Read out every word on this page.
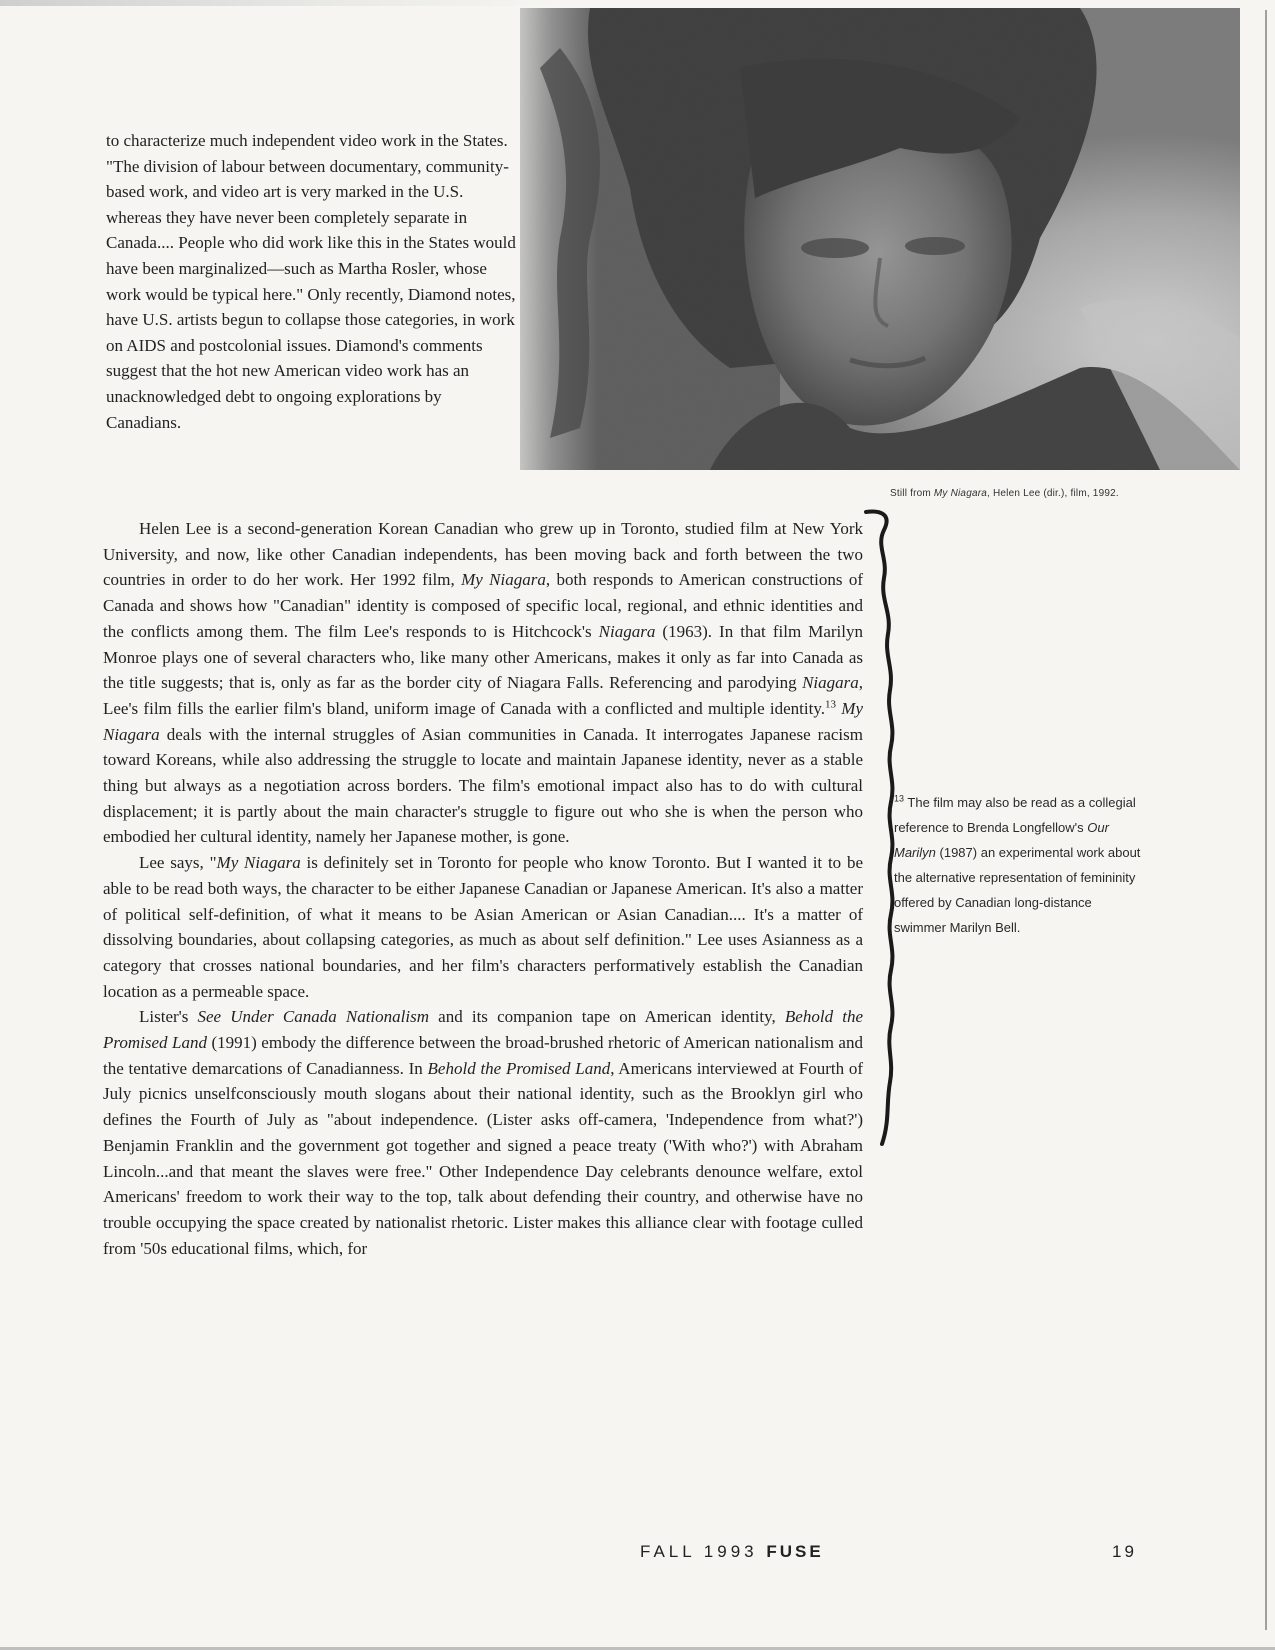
Still from My Niagara, Helen Lee (dir.), film, 1992.

to characterize much independent video work in the States. "The division of labour between documentary, community-based work, and video art is very marked in the U.S. whereas they have never been completely separate in Canada.... People who did work like this in the States would have been marginalized—such as Martha Rosler, whose work would be typical here." Only recently, Diamond notes, have U.S. artists begun to collapse those categories, in work on AIDS and postcolonial issues. Diamond's comments suggest that the hot new American video work has an unacknowledged debt to ongoing explorations by Canadians.

Helen Lee is a second-generation Korean Canadian who grew up in Toronto, studied film at New York University, and now, like other Canadian independents, has been moving back and forth between the two countries in order to do her work. Her 1992 film, My Niagara, both responds to American constructions of Canada and shows how "Canadian" identity is composed of specific local, regional, and ethnic identities and the conflicts among them. The film Lee's responds to is Hitchcock's Niagara (1963). In that film Marilyn Monroe plays one of several characters who, like many other Americans, makes it only as far into Canada as the title suggests; that is, only as far as the border city of Niagara Falls. Referencing and parodying Niagara, Lee's film fills the earlier film's bland, uniform image of Canada with a conflicted and multiple identity.$^{13}$ My Niagara deals with the internal struggles of Asian communities in Canada. It interrogates Japanese racism toward Koreans, while also addressing the struggle to locate and maintain Japanese identity, never as a stable thing but always as a negotiation across borders. The film's emotional impact also has to do with cultural displacement; it is partly about the main character's struggle to figure out who she is when the person who embodied her cultural identity, namely her Japanese mother, is gone.

Lee says, "My Niagara is definitely set in Toronto for people who know Toronto. But I wanted it to be able to be read both ways, the character to be either Japanese Canadian or Japanese American. It's also a matter of political self-definition, of what it means to be Asian American or Asian Canadian.... It's a matter of dissolving boundaries, about collapsing categories, as much as about self definition." Lee uses Asianness as a category that crosses national boundaries, and her film's characters performatively establish the Canadian location as a permeable space.

Lister's See Under Canada Nationalism and its companion tape on American identity, Behold the Promised Land (1991) embody the difference between the broad-brushed rhetoric of American nationalism and the tentative demarcations of Canadianness. In Behold the Promised Land, Americans interviewed at Fourth of July picnics unselfconsciously mouth slogans about their national identity, such as the Brooklyn girl who defines the Fourth of July as "about independence. (Lister asks off-camera, 'Independence from what?') Benjamin Franklin and the government got together and signed a peace treaty ('With who?') with Abraham Lincoln...and that meant the slaves were free." Other Independence Day celebrants denounce welfare, extol Americans' freedom to work their way to the top, talk about defending their country, and otherwise have no trouble occupying the space created by nationalist rhetoric. Lister makes this alliance clear with footage culled from '50s educational films, which, for

$^{13}$ The film may also be read as a collegial reference to Brenda Longfellow's Our Marilyn (1987) an experimental work about the alternative representation of femininity offered by Canadian long-distance swimmer Marilyn Bell.
FALL 1993 FUSE	19
